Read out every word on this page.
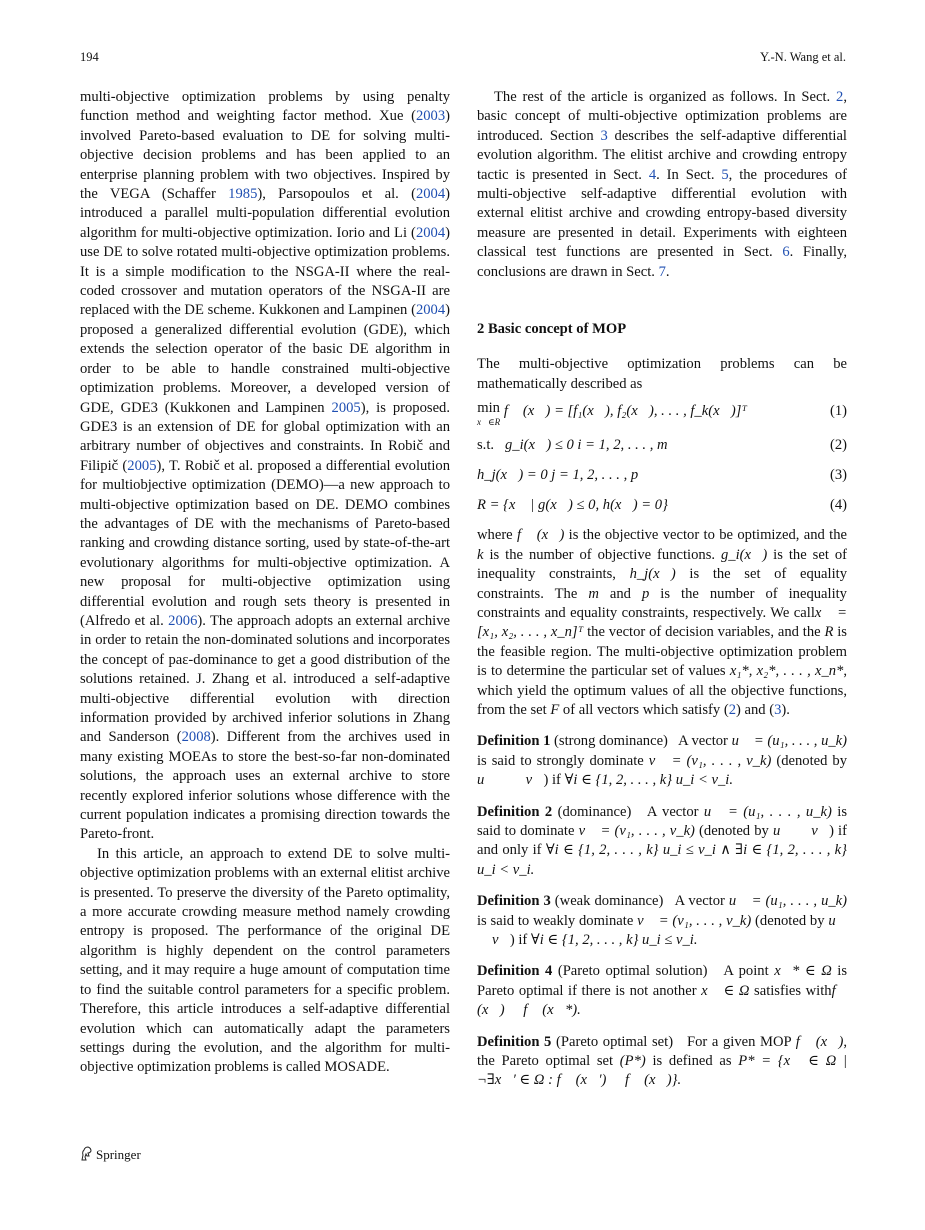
194	Y.-N. Wang et al.

multi-objective optimization problems by using penalty function method and weighting factor method. Xue (2003) involved Pareto-based evaluation to DE for solving multi-objective decision problems and has been applied to an enterprise planning problem with two objectives. Inspired by the VEGA (Schaffer 1985), Parsopoulos et al. (2004) introduced a parallel multi-population differential evolution algorithm for multi-objective optimization. Iorio and Li (2004) use DE to solve rotated multi-objective optimization problems. It is a simple modification to the NSGA-II where the real-coded crossover and mutation operators of the NSGA-II are replaced with the DE scheme. Kukkonen and Lampinen (2004) proposed a generalized differential evolution (GDE), which extends the selection operator of the basic DE algorithm in order to be able to handle constrained multi-objective optimization problems. Moreover, a developed version of GDE, GDE3 (Kukkonen and Lampinen 2005), is proposed. GDE3 is an extension of DE for global optimization with an arbitrary number of objectives and constraints. In Robič and Filipič (2005), T. Robič et al. proposed a differential evolution for multiobjective optimization (DEMO)—a new approach to multi-objective optimization based on DE. DEMO combines the advantages of DE with the mechanisms of Pareto-based ranking and crowding distance sorting, used by state-of-the-art evolutionary algorithms for multi-objective optimization. A new proposal for multi-objective optimization using differential evolution and rough sets theory is presented in (Alfredo et al. 2006). The approach adopts an external archive in order to retain the non-dominated solutions and incorporates the concept of paε-dominance to get a good distribution of the solutions retained. J. Zhang et al. introduced a self-adaptive multi-objective differential evolution with direction information provided by archived inferior solutions in Zhang and Sanderson (2008). Different from the archives used in many existing MOEAs to store the best-so-far non-dominated solutions, the approach uses an external archive to store recently explored inferior solutions whose difference with the current population indicates a promising direction towards the Pareto-front.

In this article, an approach to extend DE to solve multi-objective optimization problems with an external elitist archive is presented. To preserve the diversity of the Pareto optimality, a more accurate crowding measure method namely crowding entropy is proposed. The performance of the original DE algorithm is highly dependent on the control parameters setting, and it may require a huge amount of computation time to find the suitable control parameters for a specific problem. Therefore, this article introduces a self-adaptive differential evolution which can automatically adapt the parameters settings during the evolution, and the algorithm for multi-objective optimization problems is called MOSADE.

The rest of the article is organized as follows. In Sect. 2, basic concept of multi-objective optimization problems are introduced. Section 3 describes the self-adaptive differential evolution algorithm. The elitist archive and crowding entropy tactic is presented in Sect. 4. In Sect. 5, the procedures of multi-objective self-adaptive differential evolution with external elitist archive and crowding entropy-based diversity measure are presented in detail. Experiments with eighteen classical test functions are presented in Sect. 6. Finally, conclusions are drawn in Sect. 7.

2 Basic concept of MOP

The multi-objective optimization problems can be mathematically described as

min
x⃗∈R f⃗ (x⃗) = [f₁(x⃗), f₂(x⃗), . . . , f_k(x⃗)]ᵀ	(1)
s.t. g_i(x⃗) ≤ 0 i = 1, 2, . . . , m	(2)
h_j(x⃗) = 0 j = 1, 2, . . . , p	(3)
R = {x⃗ | g(x⃗) ≤ 0, h(x⃗) = 0}	(4)

where f⃗ (x⃗) is the objective vector to be optimized, and the k is the number of objective functions. g_i(x⃗) is the set of inequality constraints, h_j(x⃗) is the set of equality constraints. The m and p is the number of inequality constraints and equality constraints, respectively. We callx⃗ = [x₁, x₂, . . . , x_n]ᵀ the vector of decision variables, and the R is the feasible region. The multi-objective optimization problem is to determine the particular set of values x₁*, x₂*, . . . , x_n*, which yield the optimum values of all the objective functions, from the set F of all vectors which satisfy (2) and (3).

Definition 1 (strong dominance) A vector u⃗ = (u₁, . . . , u_k) is said to strongly dominate v⃗ = (v₁, . . . , v_k) (denoted by u⃗ ≺≺ v⃗) if ∀i ∈ {1, 2, . . . , k} u_i < v_i.

Definition 2 (dominance) A vector u⃗ = (u₁, . . . , u_k) is said to dominate v⃗ = (v₁, . . . , v_k) (denoted by u⃗ ≺ v⃗) if and only if ∀i ∈ {1, 2, . . . , k} u_i ≤ v_i ∧ ∃i ∈ {1, 2, . . . , k} u_i < v_i.

Definition 3 (weak dominance) A vector u⃗ = (u₁, . . . , u_k) is said to weakly dominate v⃗ = (v₁, . . . , v_k) (denoted by u⃗ ≼ v⃗) if ∀i ∈ {1, 2, . . . , k} u_i ≤ v_i.

Definition 4 (Pareto optimal solution) A point x⃗* ∈ Ω is Pareto optimal if there is not another x⃗ ∈ Ω satisfies withf⃗ (x⃗) ≺ f⃗ (x⃗*).

Definition 5 (Pareto optimal set) For a given MOP f⃗ (x⃗), the Pareto optimal set (P*) is defined as P* = {x⃗ ∈ Ω | ¬∃x⃗′ ∈ Ω : f⃗ (x⃗′) ≺ f⃗ (x⃗)}.

Springer
